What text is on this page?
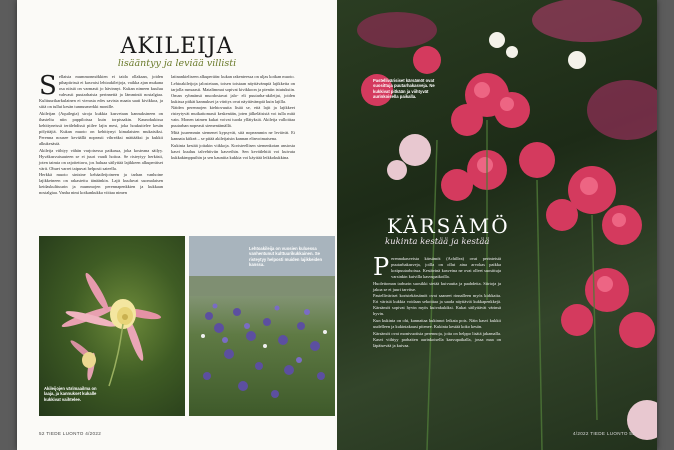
AKILEIJA
lisääntyy ja leviää villisti
S ellaisia mummonmökkien ei taida ollakaan, joiden pihapiirissä ei kasvaisi lehtoakileijoja, vaikka ajan mukana osa niistä on varmasti jo hävinnyt. Kukan nimeen kuuluu vahvasti puutarhaista perinnettä ja lämmintä nostalgiaa. Kulttuurikarkulainen ei vierasta edes savista maata saati kivikkoa, ja siitä on tullut kesän tunnusmerkki monille.

Akileijan (Aquilegia) siroja kukkia kasvetaan kannuksineen on ihasteltu niin pappiloissa kuin torpissakin. Kaunokukissa kehittyneissä terälehdissä piilee lajin mesi, joka houkuttelee kesän pölyttäjiä. Kukan muoto on kehittynyt kimalaisten mukaisiksi. Perenna nousee keväällä nopeasti vihreäksi mättääksi ja kukkii alkukesästä.

Akileija viihtyy vähän varjoisessa paikassa, joka kosteana säilyy. Hyväkasvuisuuteen se ei juuri vaadi hoitoa. Se risteytyy herkästi, joten taimia on rajoitettava, jos haluaa säilyttää lajikkeen alkuperäiset värit. Ohuet varret taipuvat helposti sateella.

Herkkä muoto sinisine kehäaileijoineen ja tarhan vanhoine lajikkeineen on rakastettu tänäänkin. Lajit kuuluvat suomalaisen keidaskulttuurin ja mummojen perennapenkkien ja kukkaan nostalgiaa. Vanha nimi kotkankukka viittaa nimen

latinankieliseen alkuperään: kukan rakenteessa on uljas kotkan muoto.

Lehtoakileijoja jalostetaan, toisen toistaan näyttävämpiä lajikkeita on tarjolla runsaasti. Matalimmat sopivat kivikkoon ja pieniin istutuksiin. Oman ryhmänsä muodostavat jalo- eli puutarha-akileijat, joiden kukissa pitkät kannukset ja väritys ovat näyttävämpiä kuin lajilla.

Näiden perennojen kiehtovuutta lisää se, että lajit ja lajikkeet risteytyvät mutkattomasti keskenään, joten jälkeläisistä voi tulla mitä vain. Monen taimen kukat voivat tuoda yllätyksiä. Akileija valloittaa puutarhan nopeasti siementämällä.

Mitä juuremmin siemenet kypsyvät, sitä nopeammin ne leviävät. Ei kannata kitkeä – se pitää akileijaisin kannan elinvoimaisena.

Kukinta kestää joitakin viikkoja. Koristeellisen siemenkotan ansiosta kasvi kuuluu talvehtiviin kasveihin. Sen kevätlehtiä voi kuivata kukkakimppuihin ja sen kauniita kukkia voi käyttää leikkokukkina.

Akileijojen värimaailma on laaja, ja kannukset kukalle kukkivat vaihtelee.
Lehtoakileija on vuosien kuluessa vanhentunut kulttuurikukkainen. Se risteytyy helposti muiden lajikkeiden kanssa.
52 TIEDE LUONTO 4/2022
Pastellivärisiset kärsämöt ovat suosittuja puutarhakasveja. Ne kukkivat pitkään ja viihtyvät aurinkoisella paikalla.
KÄRSÄMÖ
kukinta kestää ja kestää
P erennakasveista kärsämöt (Achillea) ovat perinteisiä puutarhakasveja, joilla on ollut aina arvokas paikka kotipuutarhoissa. Kestävinä kasveina ne ovat olleet suosittuja varsinkin kuivilla kasvupaikoilla.

Huolettoman tarhurin suosikki sietää kuivuutta ja paahdetta. Siirtoja ja jakoa se ei juuri tarvitse.

Pastelliväriset koristekärsämöt ovat saaneet rinnalleen myös kirkkaita. Eri värisiä kukkia voidaan sekoittaa ja saada näyttäviä kukkapenkkejä. Kärsämöt sopivat hyvin myös kuivakukiksi. Kukat säilyttävät värinsä hyvin.

Kun kukinta on ohi, kannattaa kukinnot leikata pois. Näin kasvi kukkii uudelleen ja kukintakausi pitenee. Kukinta kestää koko kesän.

Kärsämöt ovat monivuotisia perennoja, joita on helppo lisätä jakamalla. Kasvi viihtyy parhaiten aurinkoisella kasvupaikalla, jossa maa on läpäisevää ja kuivaa.

4/2022 TIEDE LUONTO 53
